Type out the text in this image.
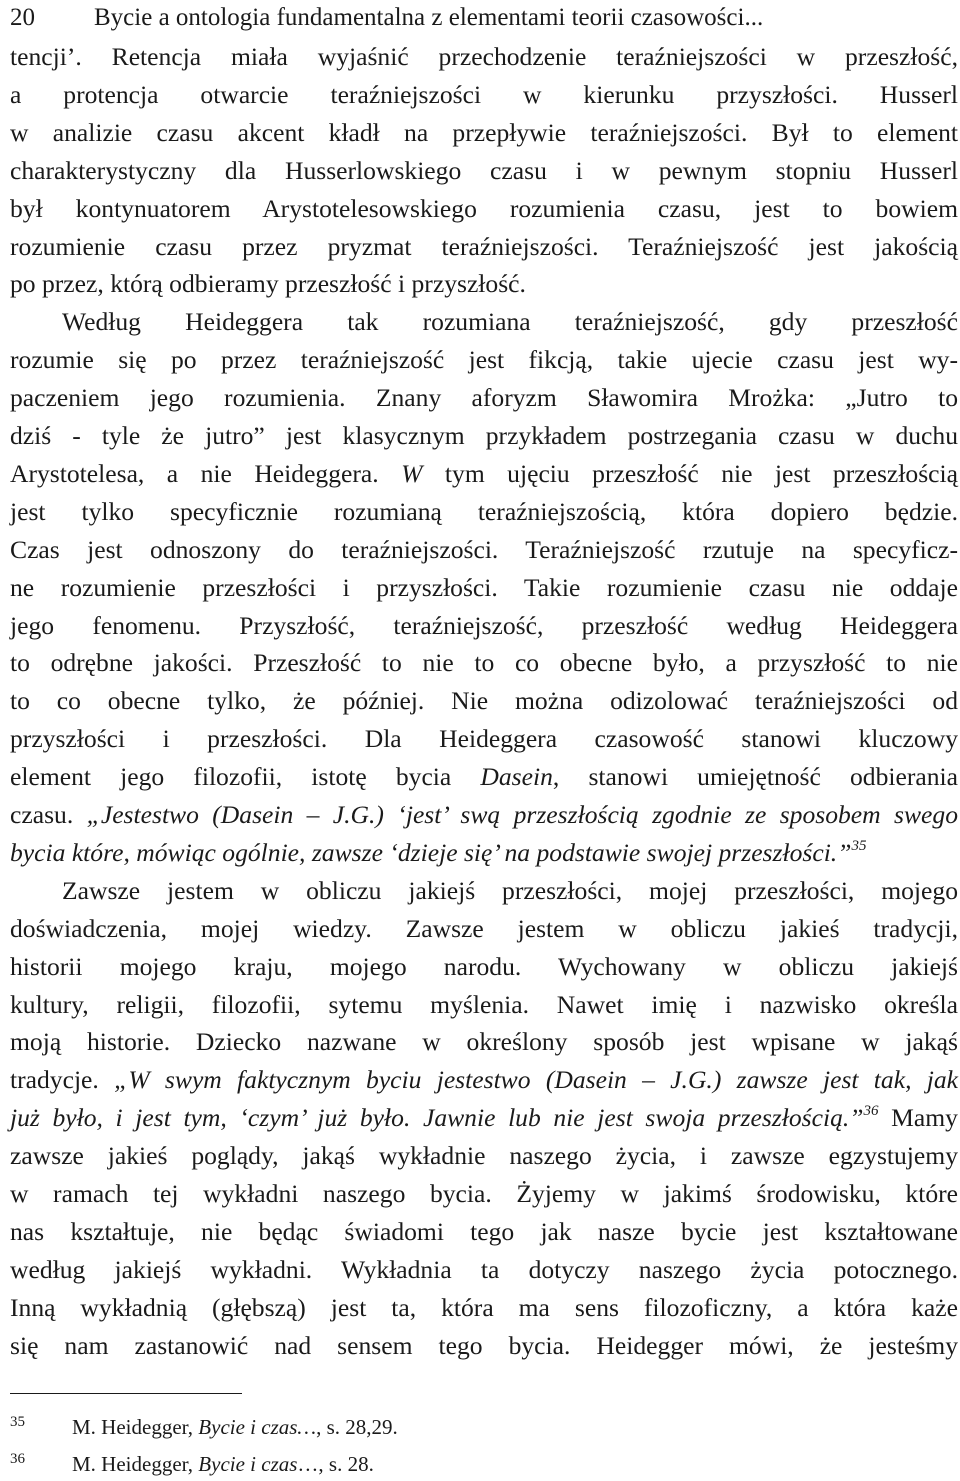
20 Bycie a ontologia fundamentalna z elementami teorii czasowości...
tencji’. Retencja miała wyjaśnić przechodzenie teraźniejszości w przeszłość,
a protencja otwarcie teraźniejszości w kierunku przyszłości. Husserl
w analizie czasu akcent kładł na przepływie teraźniejszości. Był to element
charakterystyczny dla Husserlowskiego czasu i w pewnym stopniu Husserl
był kontynuatorem Arystotelesowskiego rozumienia czasu, jest to bowiem
rozumienie czasu przez pryzmat teraźniejszości. Teraźniejszość jest jakością
po przez, którą odbieramy przeszłość i przyszłość.
Według Heideggera tak rozumiana teraźniejszość, gdy przeszłość
rozumie się po przez teraźniejszość jest fikcją, takie ujecie czasu jest wy-
paczeniem jego rozumienia. Znany aforyzm Sławomira Mrożka: „Jutro to
dziś - tyle że jutro” jest klasycznym przykładem postrzegania czasu w duchu
Arystotelesa, a nie Heideggera. W tym ujęciu przeszłość nie jest przeszłością
jest tylko specyficznie rozumianą teraźniejszością, która dopiero będzie.
Czas jest odnoszony do teraźniejszości. Teraźniejszość rzutuje na specyficz-
ne rozumienie przeszłości i przyszłości. Takie rozumienie czasu nie oddaje
jego fenomenu. Przyszłość, teraźniejszość, przeszłość według Heideggera
to odrębne jakości. Przeszłość to nie to co obecne było, a przyszłość to nie
to co obecne tylko, że później. Nie można odizolować teraźniejszości od
przyszłości i przeszłości. Dla Heideggera czasowość stanowi kluczowy
element jego filozofii, istotę bycia Dasein, stanowi umiejętność odbierania
czasu. „Jestestwo (Dasein – J.G.) ‘jest’ swą przeszłością zgodnie ze sposobem swego
bycia które, mówiąc ogólnie, zawsze ‘dzieje się’ na podstawie swojej przeszłości.”$^{35}$
Zawsze jestem w obliczu jakiejś przeszłości, mojej przeszłości, mojego
doświadczenia, mojej wiedzy. Zawsze jestem w obliczu jakieś tradycji,
historii mojego kraju, mojego narodu. Wychowany w obliczu jakiejś
kultury, religii, filozofii, sytemu myślenia. Nawet imię i nazwisko określa
moją historie. Dziecko nazwane w określony sposób jest wpisane w jakąś
tradycje. „W swym faktycznym byciu jestestwo (Dasein – J.G.) zawsze jest tak, jak
już było, i jest tym, ‘czym’ już było. Jawnie lub nie jest swoja przeszłością.”$^{36}$ Mamy
zawsze jakieś poglądy, jakąś wykładnie naszego życia, i zawsze egzystujemy
w ramach tej wykładni naszego bycia. Żyjemy w jakimś środowisku, które
nas kształtuje, nie będąc świadomi tego jak nasze bycie jest kształtowane
według jakiejś wykładni. Wykładnia ta dotyczy naszego życia potocznego.
Inną wykładnią (głębszą) jest ta, która ma sens filozoficzny, a która każe
się nam zastanowić nad sensem tego bycia. Heidegger mówi, że jesteśmy
35 M. Heidegger, Bycie i czas…, s. 28,29.
36 M. Heidegger, Bycie i czas…, s. 28.
